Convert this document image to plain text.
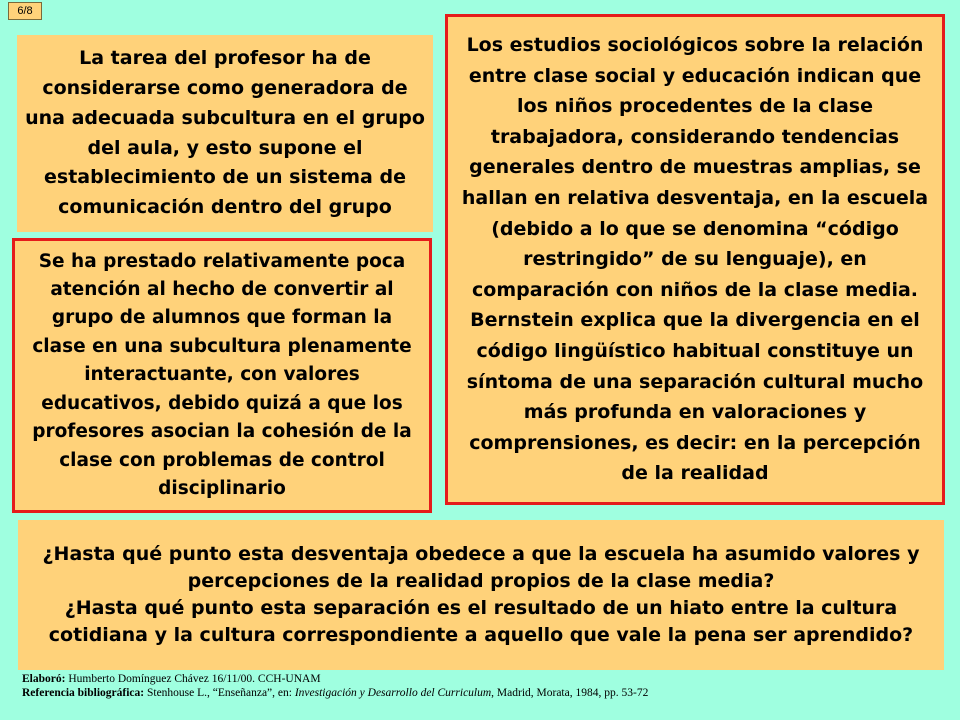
6/8

La tarea del profesor ha de considerarse como generadora de una adecuada subcultura en el grupo del aula, y esto supone el establecimiento de un sistema de comunicación dentro del grupo

Los estudios sociológicos sobre la relación entre clase social y educación indican que los niños procedentes de la clase trabajadora, considerando tendencias generales dentro de muestras amplias, se hallan en relativa desventaja, en la escuela (debido a lo que se denomina “código restringido” de su lenguaje), en comparación con niños de la clase media. Bernstein explica que la divergencia en el código lingüístico habitual constituye un síntoma de una separación cultural mucho más profunda en valoraciones y comprensiones, es decir: en la percepción de la realidad

Se ha prestado relativamente poca atención al hecho de convertir al grupo de alumnos que forman la clase en una subcultura plenamente interactuante, con valores educativos, debido quizá a que los profesores asocian la cohesión de la clase con problemas de control disciplinario

¿Hasta qué punto esta desventaja obedece a que la escuela ha asumido valores y percepciones de la realidad propios de la clase media?

¿Hasta qué punto esta separación es el resultado de un hiato entre la cultura cotidiana y la cultura correspondiente a aquello que vale la pena ser aprendido?

Elaboró: Humberto Domínguez Chávez 16/11/00. CCH-UNAM
Referencia bibliográfica: Stenhouse L., “Enseñanza”, en: Investigación y Desarrollo del Curriculum, Madrid, Morata, 1984, pp. 53-72
